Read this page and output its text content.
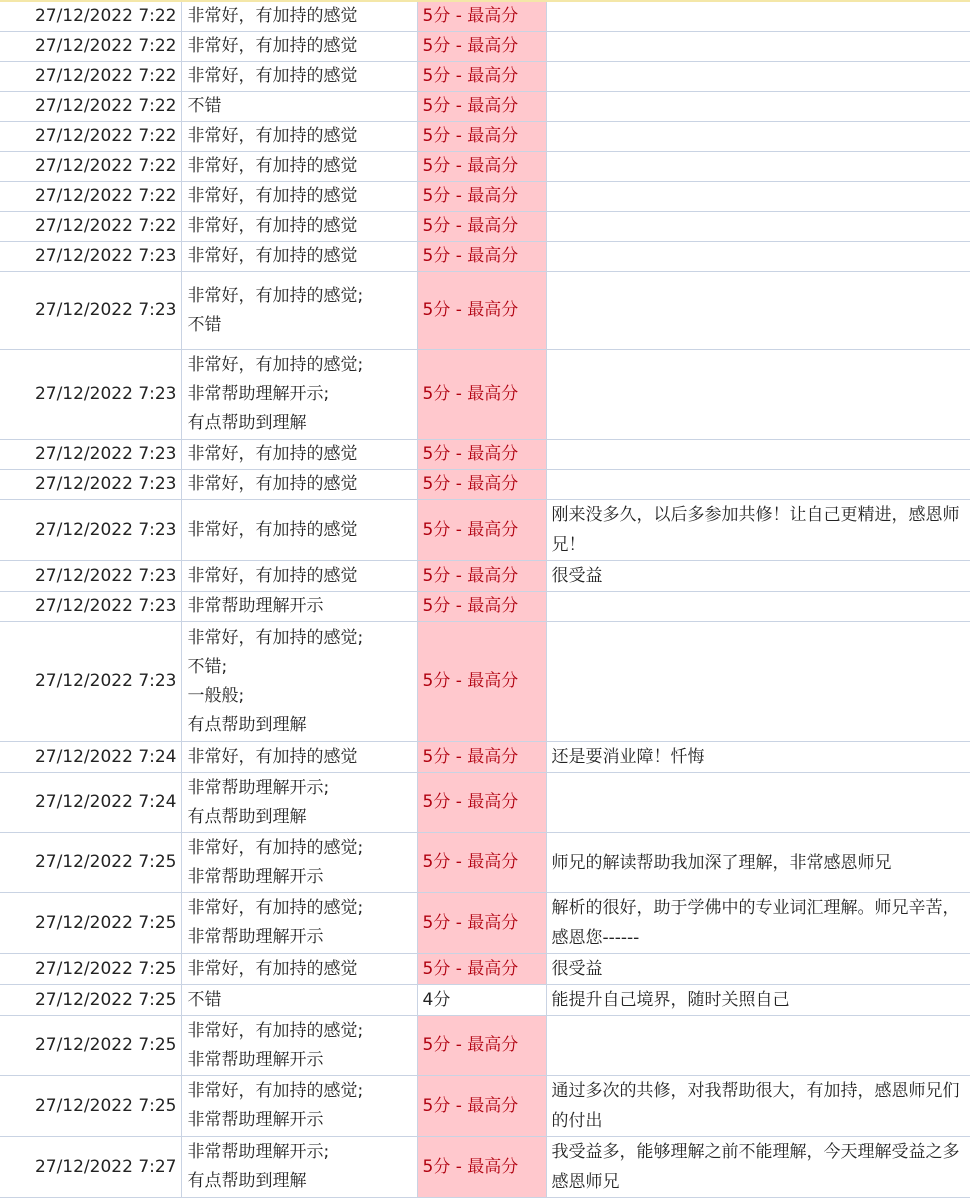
27/12/2022 7:22	非常好，有加持的感觉	5分 - 最高分	
27/12/2022 7:22	非常好，有加持的感觉	5分 - 最高分	
27/12/2022 7:22	非常好，有加持的感觉	5分 - 最高分	
27/12/2022 7:22	不错	5分 - 最高分	
27/12/2022 7:22	非常好，有加持的感觉	5分 - 最高分	
27/12/2022 7:22	非常好，有加持的感觉	5分 - 最高分	
27/12/2022 7:22	非常好，有加持的感觉	5分 - 最高分	
27/12/2022 7:22	非常好，有加持的感觉	5分 - 最高分	
27/12/2022 7:23	非常好，有加持的感觉	5分 - 最高分	
27/12/2022 7:23	非常好，有加持的感觉;
不错	5分 - 最高分	
27/12/2022 7:23	非常好，有加持的感觉;
非常帮助理解开示;
有点帮助到理解	5分 - 最高分	
27/12/2022 7:23	非常好，有加持的感觉	5分 - 最高分	
27/12/2022 7:23	非常好，有加持的感觉	5分 - 最高分	
27/12/2022 7:23	非常好，有加持的感觉	5分 - 最高分	刚来没多久，以后多参加共修！让自己更精进，感恩师兄！
27/12/2022 7:23	非常好，有加持的感觉	5分 - 最高分	很受益
27/12/2022 7:23	非常帮助理解开示	5分 - 最高分	
27/12/2022 7:23	非常好，有加持的感觉;
不错;
一般般;
有点帮助到理解	5分 - 最高分	
27/12/2022 7:24	非常好，有加持的感觉	5分 - 最高分	还是要消业障！忏悔
27/12/2022 7:24	非常帮助理解开示;
有点帮助到理解	5分 - 最高分	
27/12/2022 7:25	非常好，有加持的感觉;
非常帮助理解开示	5分 - 最高分	师兄的解读帮助我加深了理解，非常感恩师兄
27/12/2022 7:25	非常好，有加持的感觉;
非常帮助理解开示	5分 - 最高分	解析的很好，助于学佛中的专业词汇理解。师兄辛苦，感恩您------
27/12/2022 7:25	非常好，有加持的感觉	5分 - 最高分	很受益
27/12/2022 7:25	不错	4分	能提升自己境界，随时关照自己
27/12/2022 7:25	非常好，有加持的感觉;
非常帮助理解开示	5分 - 最高分	
27/12/2022 7:25	非常好，有加持的感觉;
非常帮助理解开示	5分 - 最高分	通过多次的共修，对我帮助很大，有加持，感恩师兄们的付出
27/12/2022 7:27	非常帮助理解开示;
有点帮助到理解	5分 - 最高分	我受益多，能够理解之前不能理解，今天理解受益之多感恩师兄
